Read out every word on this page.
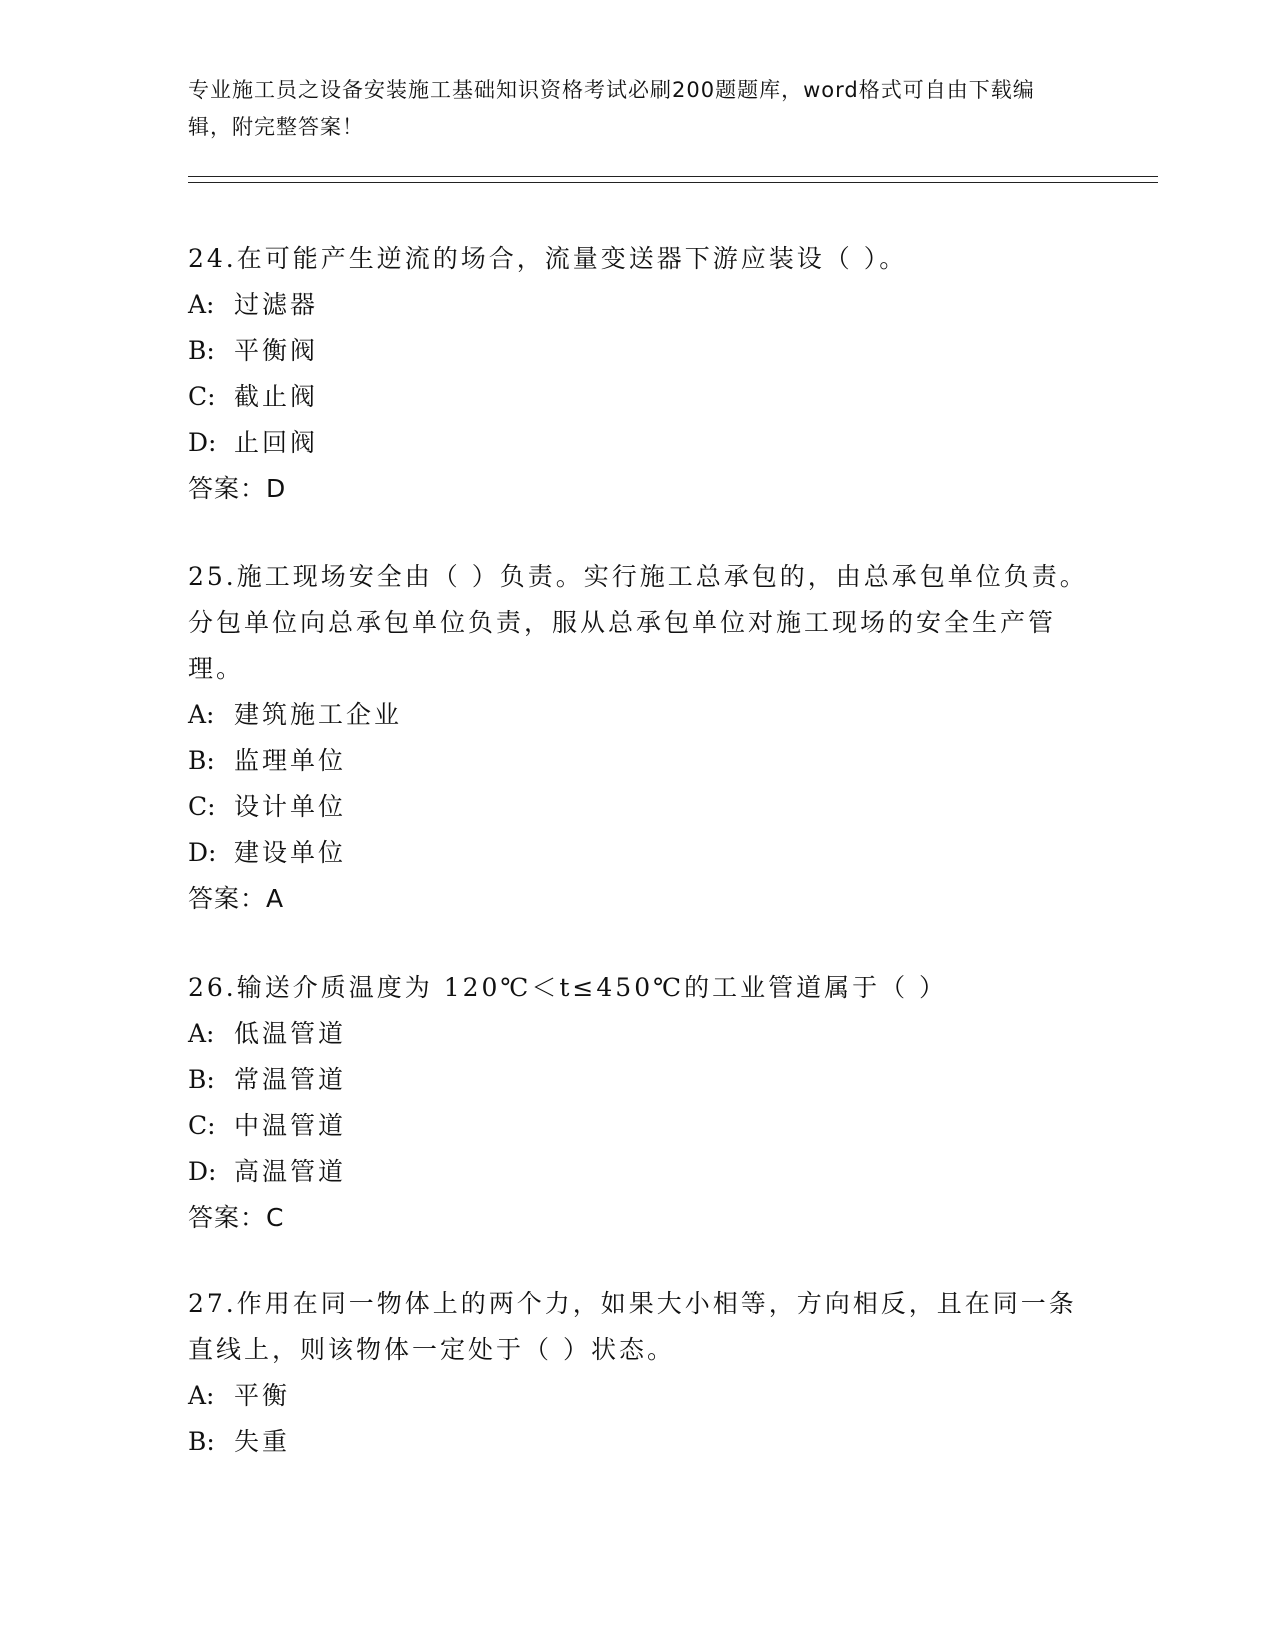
专业施工员之设备安装施工基础知识资格考试必刷200题题库，word格式可自由下载编辑，附完整答案！

24.在可能产生逆流的场合，流量变送器下游应装设（ ）。

A: 过滤器
B: 平衡阀
C: 截止阀
D: 止回阀
答案：D

25.施工现场安全由（ ）负责。实行施工总承包的，由总承包单位负责。分包单位向总承包单位负责，服从总承包单位对施工现场的安全生产管理。

A: 建筑施工企业
B: 监理单位
C: 设计单位
D: 建设单位
答案：A

26.输送介质温度为 120℃＜t≤450℃的工业管道属于（ ）

A: 低温管道
B: 常温管道
C: 中温管道
D: 高温管道
答案：C

27.作用在同一物体上的两个力，如果大小相等，方向相反，且在同一条直线上，则该物体一定处于（ ）状态。

A: 平衡
B: 失重
